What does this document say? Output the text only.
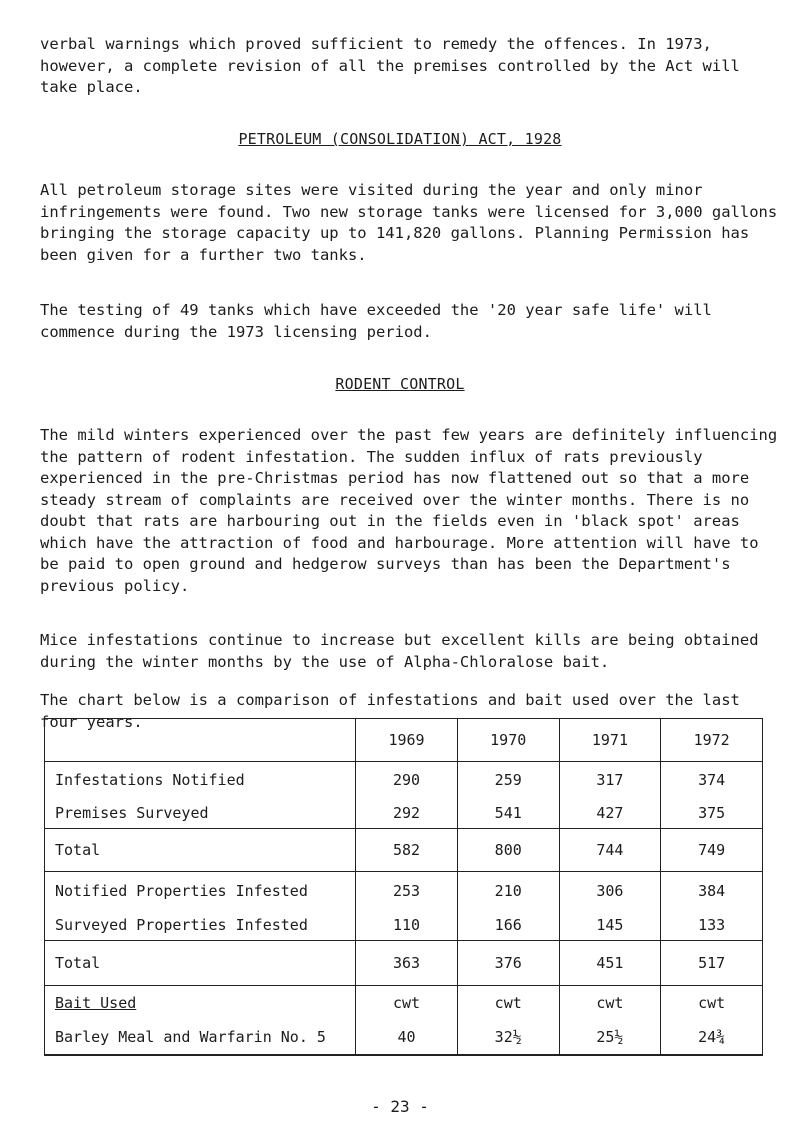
verbal warnings which proved sufficient to remedy the offences. In 1973, however, a complete revision of all the premises controlled by the Act will take place.

PETROLEUM (CONSOLIDATION) ACT, 1928

All petroleum storage sites were visited during the year and only minor infringements were found. Two new storage tanks were licensed for 3,000 gallons bringing the storage capacity up to 141,820 gallons. Planning Permission has been given for a further two tanks.

The testing of 49 tanks which have exceeded the '20 year safe life' will commence during the 1973 licensing period.

RODENT CONTROL

The mild winters experienced over the past few years are definitely influencing the pattern of rodent infestation. The sudden influx of rats previously experienced in the pre-Christmas period has now flattened out so that a more steady stream of complaints are received over the winter months. There is no doubt that rats are harbouring out in the fields even in 'black spot' areas which have the attraction of food and harbourage. More attention will have to be paid to open ground and hedgerow surveys than has been the Department's previous policy.

Mice infestations continue to increase but excellent kills are being obtained during the winter months by the use of Alpha-Chloralose bait.

The chart below is a comparison of infestations and bait used over the last four years.

	1969	1970	1971	1972
Infestations Notified	290	259	317	374
Premises Surveyed	292	541	427	375
Total	582	800	744	749
Notified Properties Infested	253	210	306	384
Surveyed Properties Infested	110	166	145	133
Total	363	376	451	517
Bait Used	cwt	cwt	cwt	cwt
Barley Meal and Warfarin No. 5	40	32½	25½	24¾
- 23 -
